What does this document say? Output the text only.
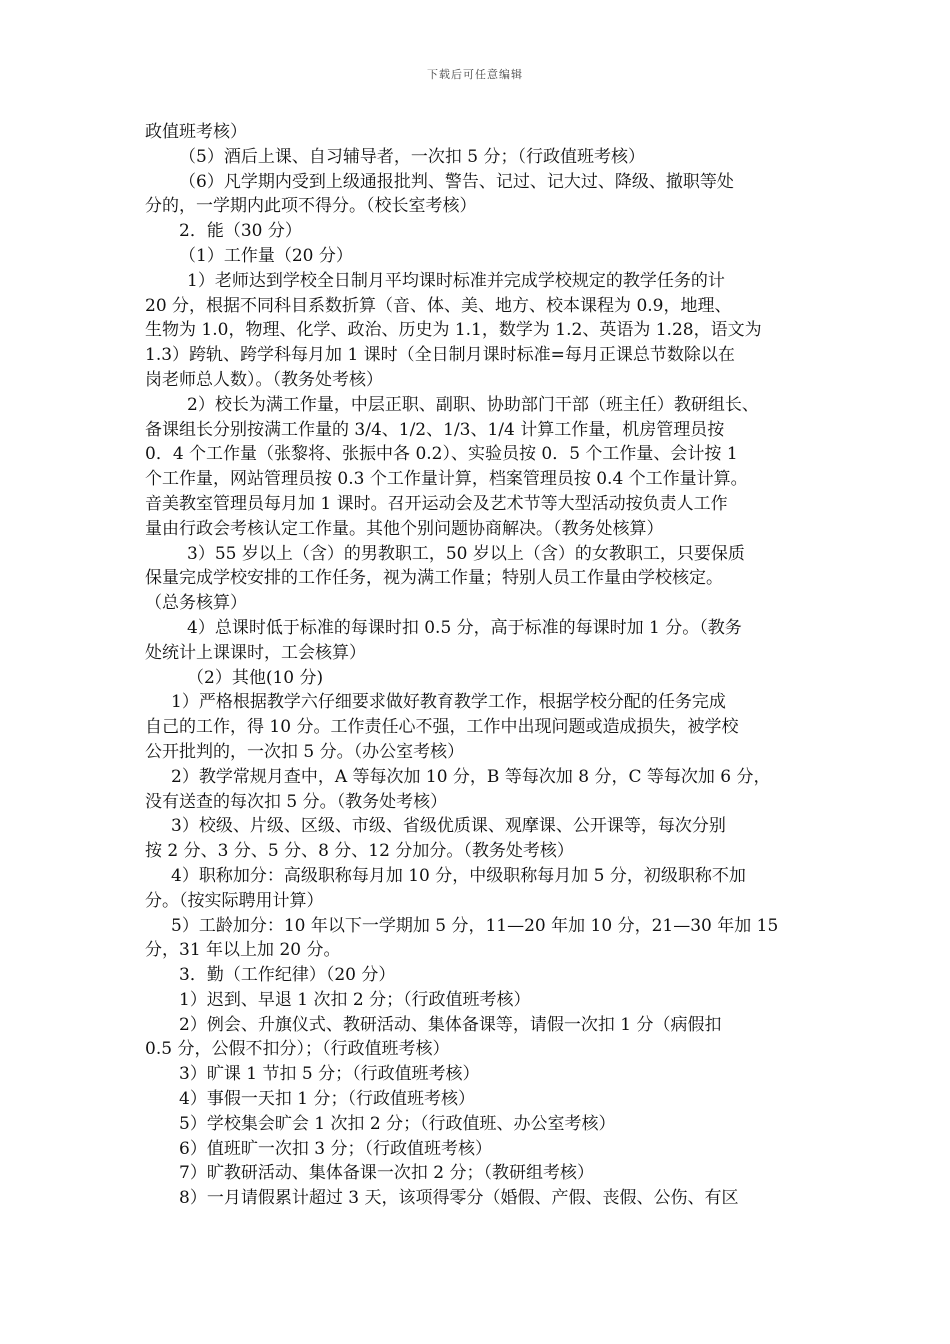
下载后可任意编辑

政值班考核）

（5）酒后上课、自习辅导者，一次扣 5 分；（行政值班考核）

（6）凡学期内受到上级通报批判、警告、记过、记大过、降级、撤职等处

分的，一学期内此项不得分。（校长室考核）

2．能（30 分）

（1）工作量（20 分）

1）老师达到学校全日制月平均课时标准并完成学校规定的教学任务的计

20 分，根据不同科目系数折算（音、体、美、地方、校本课程为 0.9，地理、

生物为 1.0，物理、化学、政治、历史为 1.1，数学为 1.2、英语为 1.28，语文为

1.3）跨轨、跨学科每月加 1 课时（全日制月课时标准=每月正课总节数除以在

岗老师总人数）。（教务处考核）

2）校长为满工作量，中层正职、副职、协助部门干部（班主任）教研组长、

备课组长分别按满工作量的 3/4、1/2、1/3、1/4 计算工作量，机房管理员按

0．4 个工作量（张黎将、张振中各 0.2）、实验员按 0．5 个工作量、会计按 1

个工作量，网站管理员按 0.3 个工作量计算，档案管理员按 0.4 个工作量计算。

音美教室管理员每月加 1 课时。召开运动会及艺术节等大型活动按负责人工作

量由行政会考核认定工作量。其他个别问题协商解决。（教务处核算）

3）55 岁以上（含）的男教职工，50 岁以上（含）的女教职工，只要保质

保量完成学校安排的工作任务，视为满工作量；特别人员工作量由学校核定。

（总务核算）

4）总课时低于标准的每课时扣 0.5 分，高于标准的每课时加 1 分。（教务

处统计上课课时，工会核算）

（2）其他(10 分)

1）严格根据教学六仔细要求做好教育教学工作，根据学校分配的任务完成

自己的工作，得 10 分。工作责任心不强，工作中出现问题或造成损失，被学校

公开批判的，一次扣 5 分。（办公室考核）

2）教学常规月查中，A 等每次加 10 分，B 等每次加 8 分，C 等每次加 6 分，

没有送查的每次扣 5 分。（教务处考核）

3）校级、片级、区级、市级、省级优质课、观摩课、公开课等，每次分别

按 2 分、3 分、5 分、8 分、12 分加分。（教务处考核）

4）职称加分：高级职称每月加 10 分，中级职称每月加 5 分，初级职称不加

分。（按实际聘用计算）

5）工龄加分：10 年以下一学期加 5 分，11—20 年加 10 分，21—30 年加 15

分，31 年以上加 20 分。

3．勤（工作纪律）（20 分）

1）迟到、早退 1 次扣 2 分；（行政值班考核）

2）例会、升旗仪式、教研活动、集体备课等，请假一次扣 1 分（病假扣

0.5 分，公假不扣分）；（行政值班考核）

3）旷课 1 节扣 5 分；（行政值班考核）

4）事假一天扣 1 分；（行政值班考核）

5）学校集会旷会 1 次扣 2 分；（行政值班、办公室考核）

6）值班旷一次扣 3 分；（行政值班考核）

7）旷教研活动、集体备课一次扣 2 分；（教研组考核）

8）一月请假累计超过 3 天，该项得零分（婚假、产假、丧假、公伤、有区
